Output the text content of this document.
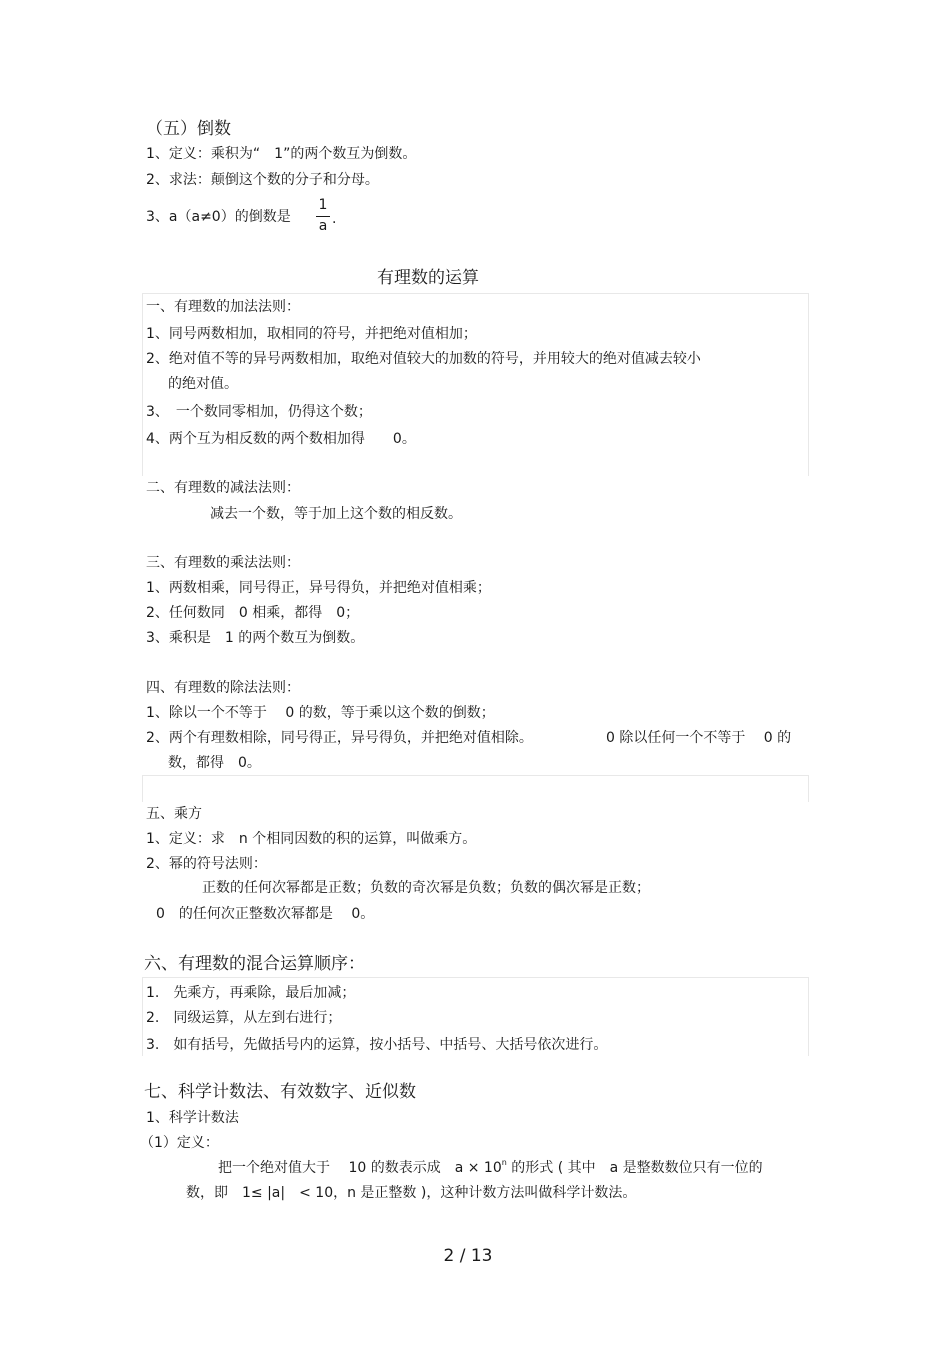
（五）倒数
1、定义：乘积为“　1”的两个数互为倒数。
2、求法：颠倒这个数的分子和分母。
3、a（a≠0）的倒数是
1
a .
有理数的运算
一、有理数的加法法则：
1、同号两数相加，取相同的符号，并把绝对值相加；
2、绝对值不等的异号两数相加，取绝对值较大的加数的符号，并用较大的绝对值减去较小
的绝对值。
3、　一个数同零相加，仍得这个数；
4、两个互为相反数的两个数相加得　　0。
二、有理数的减法法则：
减去一个数，等于加上这个数的相反数。
三、有理数的乘法法则：
1、两数相乘，同号得正，异号得负，并把绝对值相乘；
2、任何数同　0 相乘，都得　0；
3、乘积是　1 的两个数互为倒数。
四、有理数的除法法则：
1、除以一个不等于　 0 的数，等于乘以这个数的倒数；
2、两个有理数相除，同号得正，异号得负，并把绝对值相除。	0 除以任何一个不等于　 0 的
数，都得　0。
五、乘方
1、定义：求　n 个相同因数的积的运算，叫做乘方。
2、幂的符号法则：
正数的任何次幂都是正数；负数的奇次幂是负数；负数的偶次幂是正数；
0　的任何次正整数次幂都是　 0。
六、有理数的混合运算顺序：
1.　先乘方，再乘除，最后加减；
2.　同级运算，从左到右进行；
3.　如有括号，先做括号内的运算，按小括号、中括号、大括号依次进行。
七、科学计数法、有效数字、近似数
1、科学计数法
（1）定义：
把一个绝对值大于　 10 的数表示成　$a \times 10^n$ 的形式 ( 其中　a 是整数数位只有一位的
数，即　1≤ |a|　< 10，n 是正整数 )，这种计数方法叫做科学计数法。
2 / 13
